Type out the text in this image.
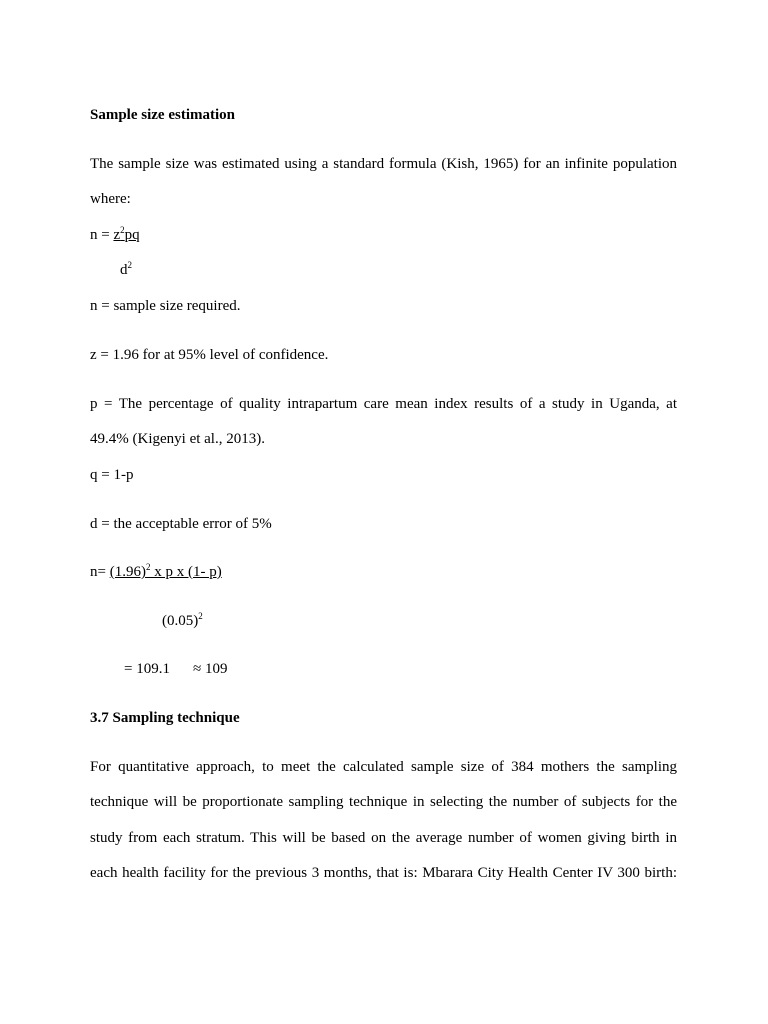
Sample size estimation
The sample size was estimated using a standard formula (Kish, 1965) for an infinite population
where:
$n = z^2pq$
$d^2$
n = sample size required.
z = 1.96 for at 95% level of confidence.
p = The percentage of quality intrapartum care mean index results of a study in Uganda, at
49.4% (Kigenyi et al., 2013).
q = 1-p
d = the acceptable error of 5%
$n= (1.96)^2$ x p x (1- p)
$(0.05)^2$
= 109.1 ≈ 109
3.7 Sampling technique
For quantitative approach, to meet the calculated sample size of 384 mothers the sampling
technique will be proportionate sampling technique in selecting the number of subjects for the
study from each stratum. This will be based on the average number of women giving birth in
each health facility for the previous 3 months, that is: Mbarara City Health Center IV 300 birth:
